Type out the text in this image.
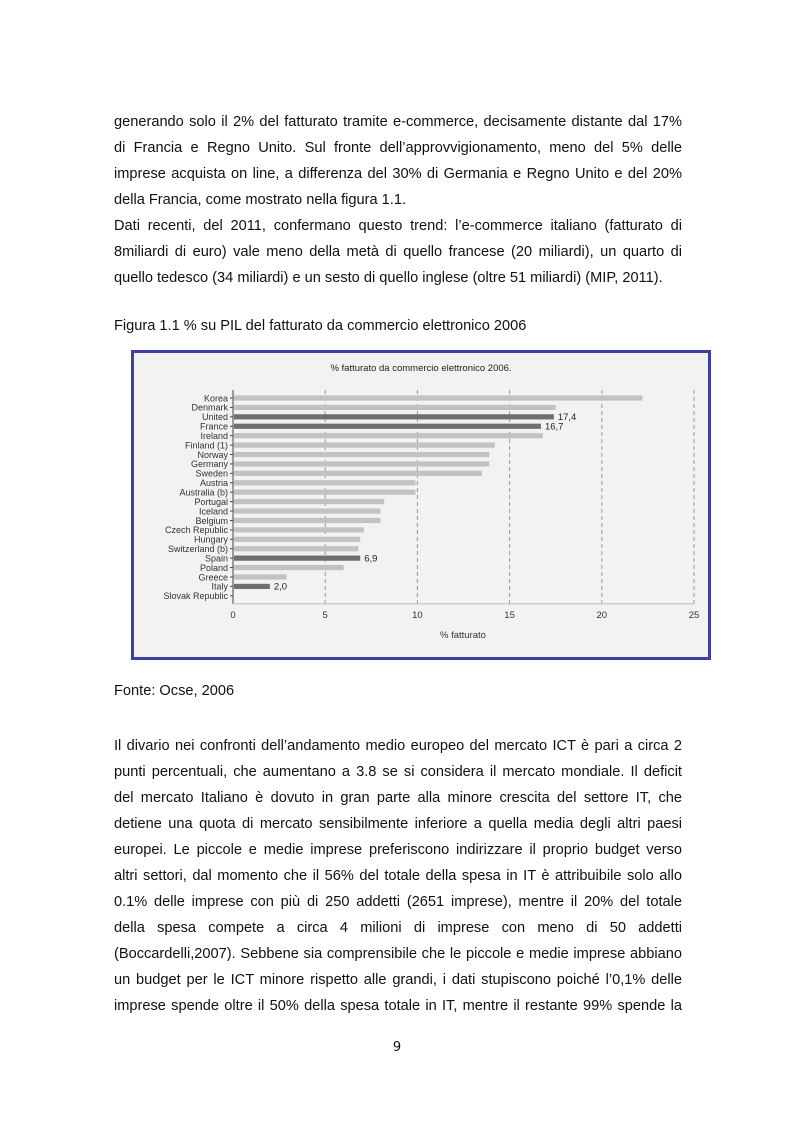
generando solo il 2% del fatturato tramite e-commerce, decisamente distante dal 17%
di Francia e Regno Unito. Sul fronte dell’approvvigionamento, meno del 5% delle
imprese acquista on line, a differenza del 30% di Germania e Regno Unito e del 20%
della Francia, come mostrato nella figura 1.1.
Dati recenti, del 2011, confermano questo trend: l’e-commerce italiano (fatturato di
8miliardi di euro) vale meno della metà di quello francese (20 miliardi), un quarto di
quello tedesco (34 miliardi) e un sesto di quello inglese (oltre 51 miliardi) (MIP, 2011).

Figura 1.1 % su PIL del fatturato da commercio elettronico 2006

% fatturato da commercio elettronico 2006.
0	5	10	15	20	25
Korea
Denmark
United	17,4
France	16,7
Ireland
Finland (1)
Norway
Germany
Sweden
Austria
Australia (b)
Portugal
Iceland
Belgium
Czech Republic
Hungary
Switzerland (b)
Spain	6,9
Poland
Greece
Italy	2,0
Slovak Republic
% fatturato

Fonte: Ocse, 2006

Il divario nei confronti dell’andamento medio europeo del mercato ICT è pari a circa 2
punti percentuali, che aumentano a 3.8 se si considera il mercato mondiale. Il deficit
del mercato Italiano è dovuto in gran parte alla minore crescita del settore IT, che
detiene una quota di mercato sensibilmente inferiore a quella media degli altri paesi
europei. Le piccole e medie imprese preferiscono indirizzare il proprio budget verso
altri settori, dal momento che il 56% del totale della spesa in IT è attribuibile solo allo
0.1% delle imprese con più di 250 addetti (2651 imprese), mentre il 20% del totale
della spesa compete a circa 4 milioni di imprese con meno di 50 addetti
(Boccardelli,2007). Sebbene sia comprensibile che le piccole e medie imprese abbiano
un budget per le ICT minore rispetto alle grandi, i dati stupiscono poiché l’0,1% delle
imprese spende oltre il 50% della spesa totale in IT, mentre il restante 99% spende la
9
